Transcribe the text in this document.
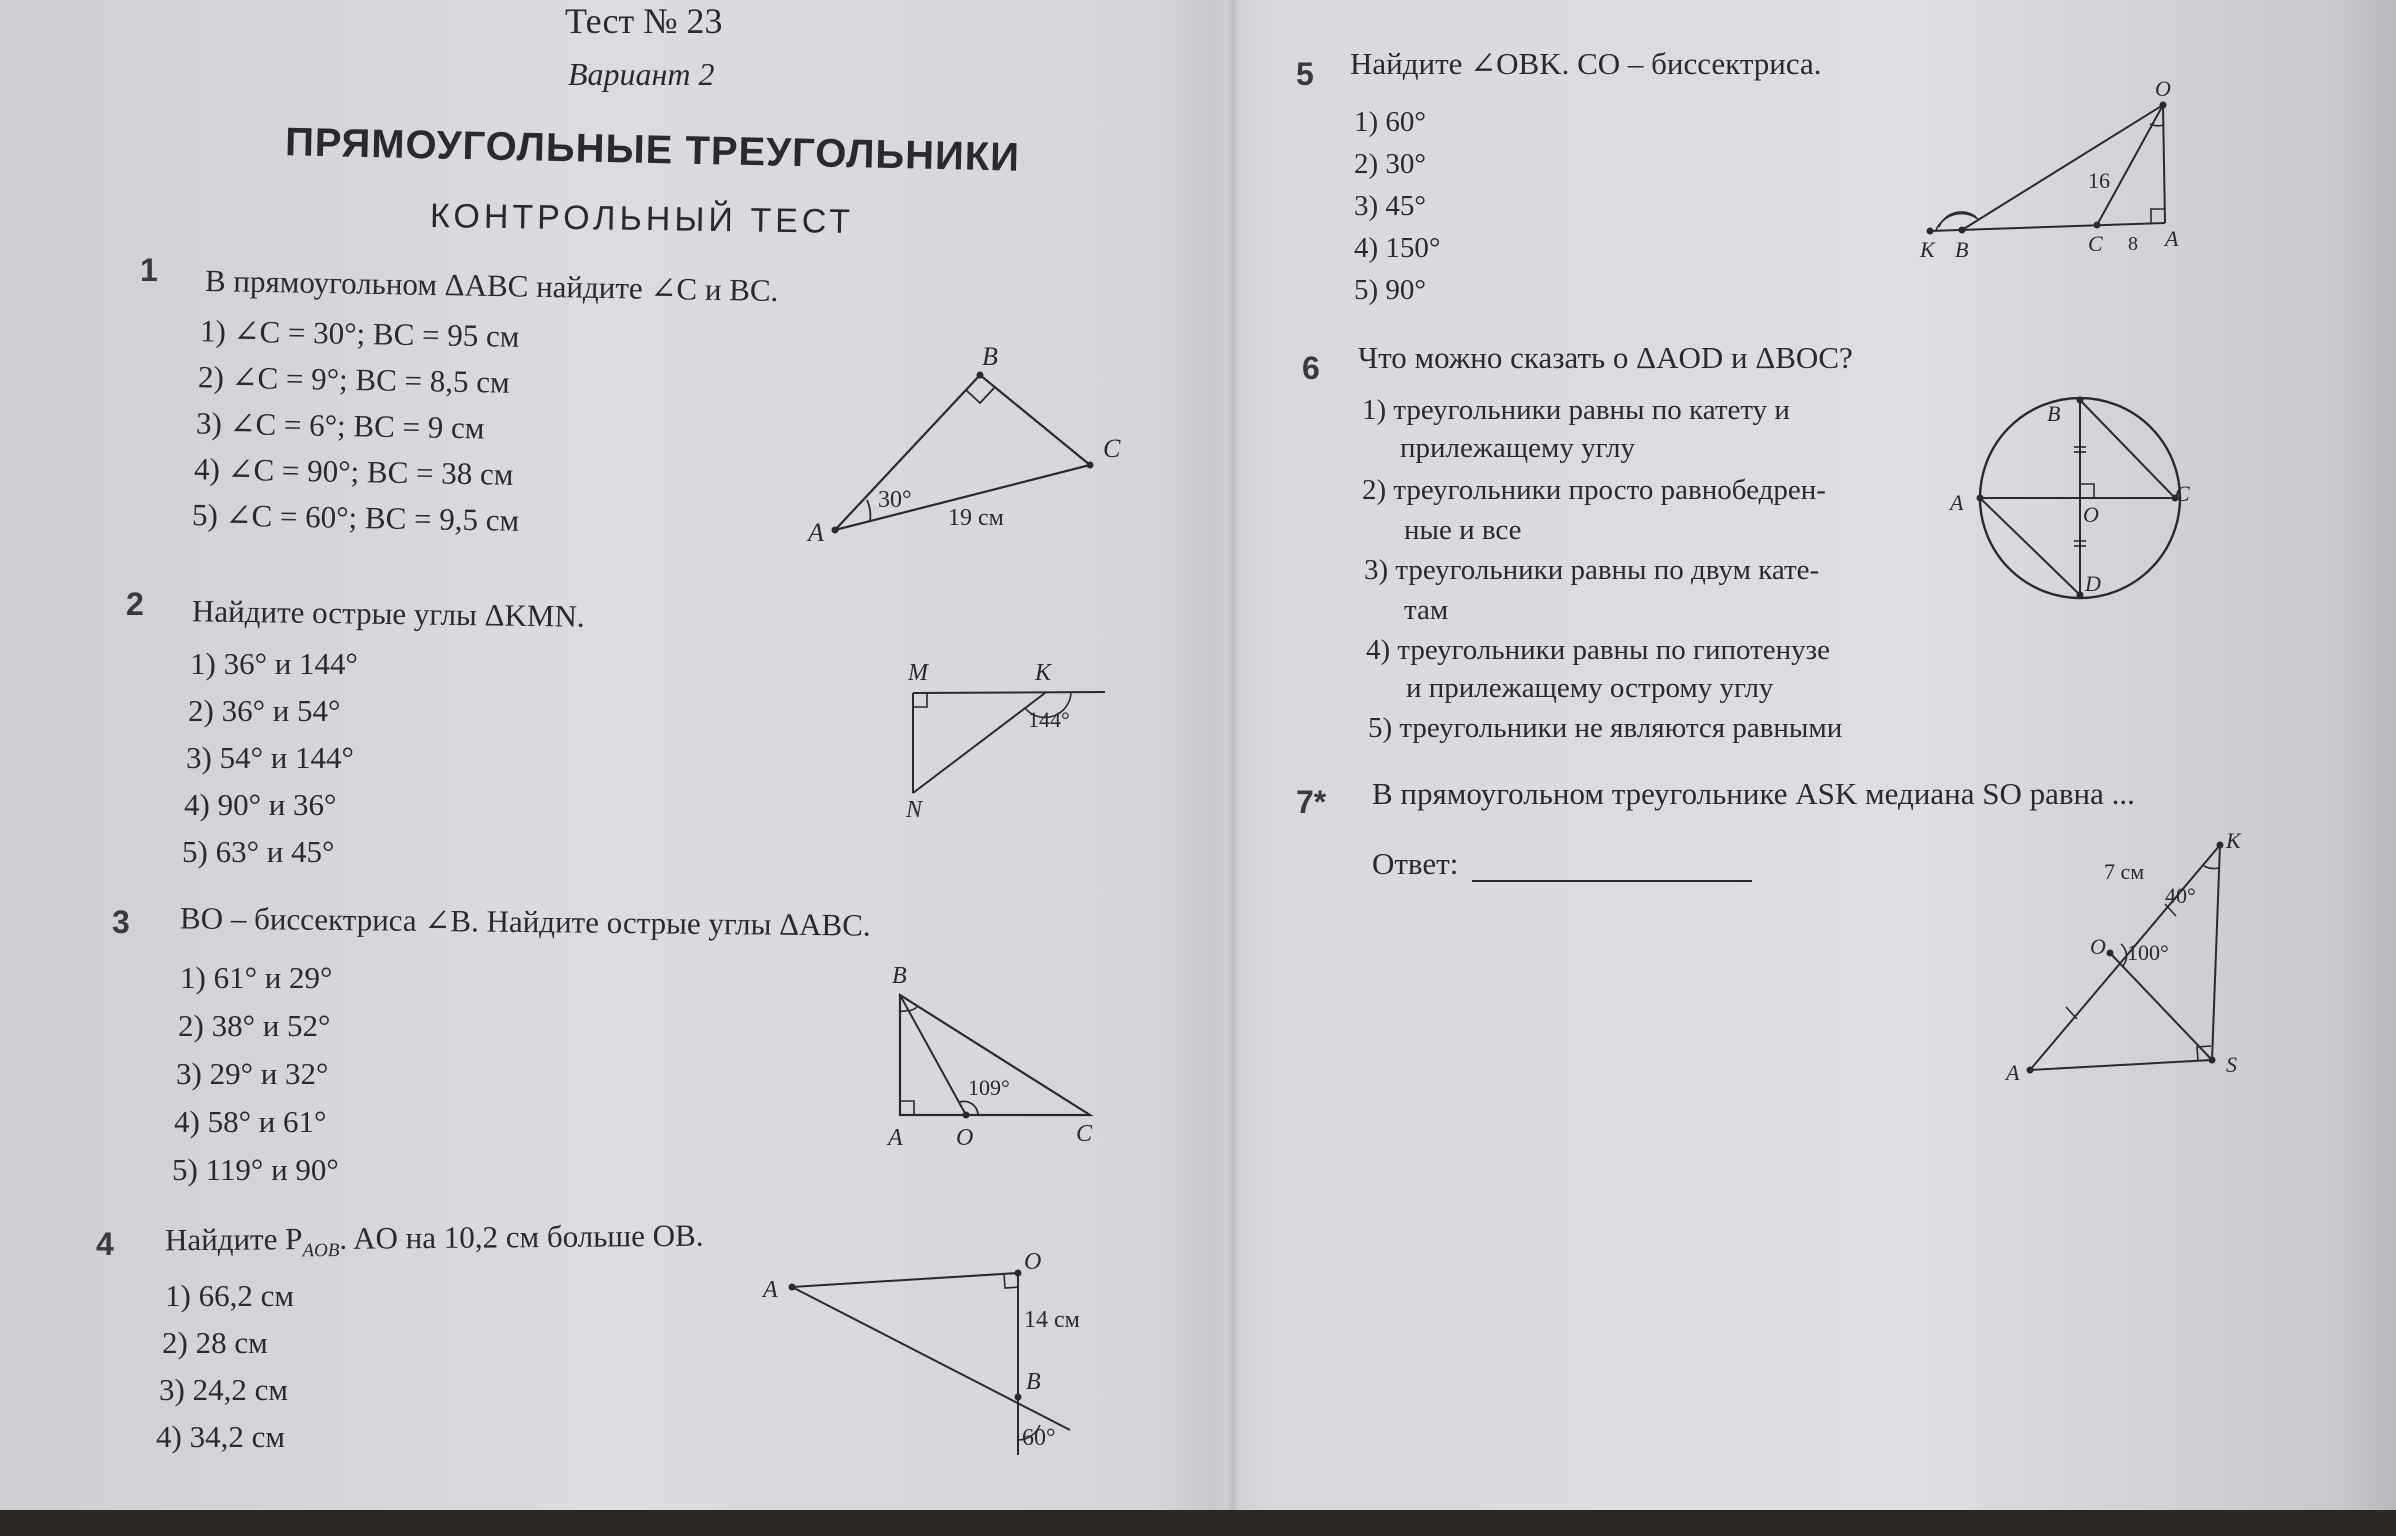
Тест № 23
Вариант 2
ПРЯМОУГОЛЬНЫЕ ТРЕУГОЛЬНИКИ
КОНТРОЛЬНЫЙ ТЕСТ
1 В прямоугольном ΔABC найдите ∠C и BC.
1) ∠C = 30°; BC = 95 см
2) ∠C = 9°; BC = 8,5 см
3) ∠C = 6°; BC = 9 см
4) ∠C = 90°; BC = 38 см
5) ∠C = 60°; BC = 9,5 см
B
C
A
30°
19 см
2 Найдите острые углы ΔKMN.
1) 36° и 144°
2) 36° и 54°
3) 54° и 144°
4) 90° и 36°
5) 63° и 45°
M	K
N
144°
3 BO – биссектриса ∠B. Найдите острые углы ΔABC.
1) 61° и 29°
2) 38° и 52°
3) 29° и 32°
4) 58° и 61°
5) 119° и 90°
B
A O	C
109°
4 Найдите $P_{AOB}$. AO на 10,2 см больше OB.
1) 66,2 см
2) 28 см
3) 24,2 см
4) 34,2 см
A
O
B
14 см
60°
5 Найдите ∠OBK. CO – биссектриса.
1) 60°
2) 30°
3) 45°
4) 150°
5) 90°
O
K B	C	A
16
8
6 Что можно сказать о ΔAOD и ΔBOC?
1) треугольники равны по катету и
прилежащему углу
2) треугольники просто равнобедрен-
ные и все
3) треугольники равны по двум кате-
там
4) треугольники равны по гипотенузе
и прилежащему острому углу
5) треугольники не являются равными
B
A	O
C
D
7* В прямоугольном треугольнике ASK медиана SO равна ...
Ответ:
K
O
A	S
7 см
40°
100°
